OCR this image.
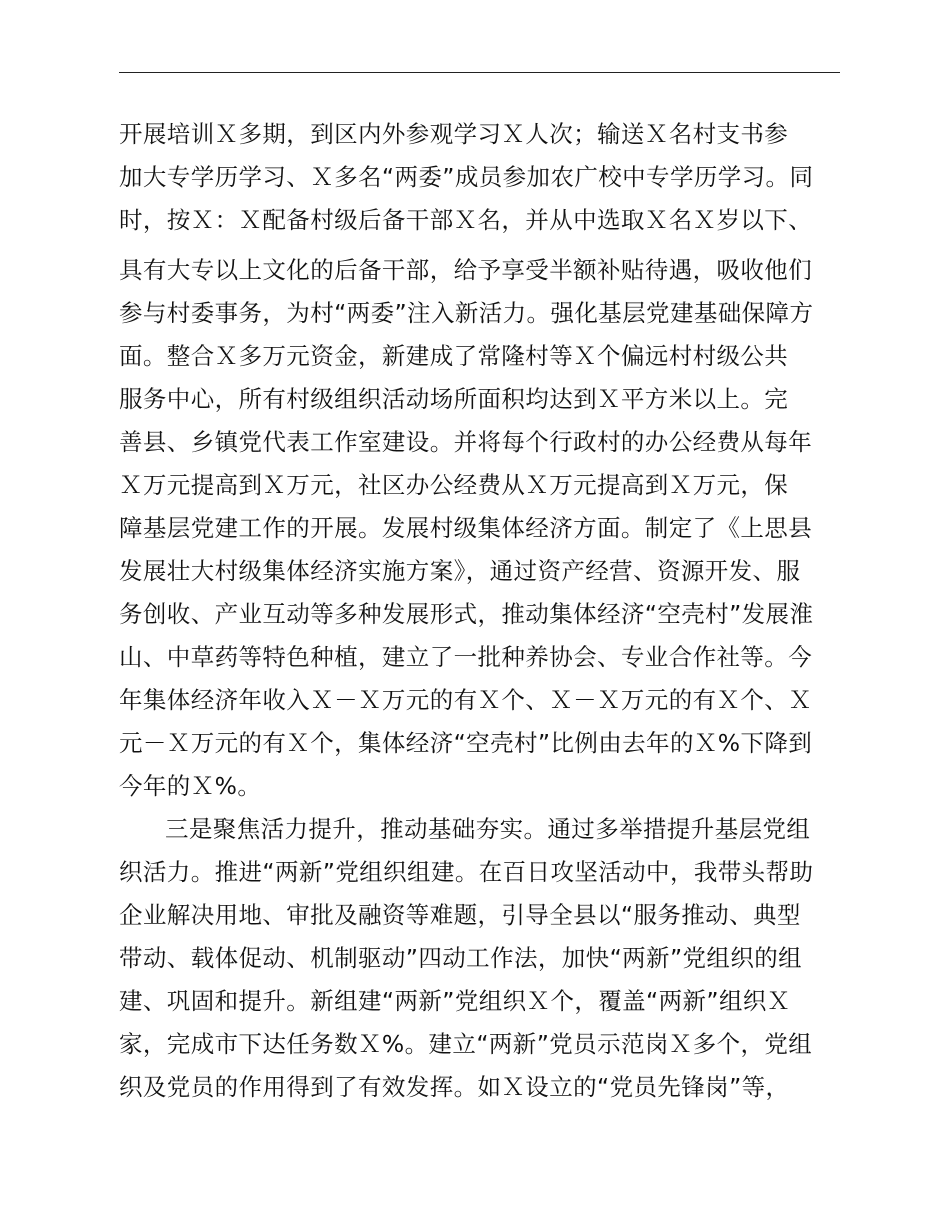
开展培训Ｘ多期，到区内外参观学习Ｘ人次；输送Ｘ名村支书参
加大专学历学习、Ｘ多名“两委”成员参加农广校中专学历学习。同
时，按Ｘ：Ｘ配备村级后备干部Ｘ名，并从中选取Ｘ名Ｘ岁以下、
具有大专以上文化的后备干部，给予享受半额补贴待遇，吸收他们
参与村委事务，为村“两委”注入新活力。强化基层党建基础保障方
面。整合Ｘ多万元资金，新建成了常隆村等Ｘ个偏远村村级公共
服务中心，所有村级组织活动场所面积均达到Ｘ平方米以上。完
善县、乡镇党代表工作室建设。并将每个行政村的办公经费从每年
Ｘ万元提高到Ｘ万元，社区办公经费从Ｘ万元提高到Ｘ万元，保
障基层党建工作的开展。发展村级集体经济方面。制定了《上思县
发展壮大村级集体经济实施方案》，通过资产经营、资源开发、服
务创收、产业互动等多种发展形式，推动集体经济“空壳村”发展淮
山、中草药等特色种植，建立了一批种养协会、专业合作社等。今
年集体经济年收入Ｘ－Ｘ万元的有Ｘ个、Ｘ－Ｘ万元的有Ｘ个、Ｘ
元－Ｘ万元的有Ｘ个，集体经济“空壳村”比例由去年的Ｘ%下降到
今年的Ｘ%。
三是聚焦活力提升，推动基础夯实。通过多举措提升基层党组
织活力。推进“两新”党组织组建。在百日攻坚活动中，我带头帮助
企业解决用地、审批及融资等难题，引导全县以“服务推动、典型
带动、载体促动、机制驱动”四动工作法，加快“两新”党组织的组
建、巩固和提升。新组建“两新”党组织Ｘ个，覆盖“两新”组织Ｘ
家，完成市下达任务数Ｘ%。建立“两新”党员示范岗Ｘ多个，党组
织及党员的作用得到了有效发挥。如Ｘ设立的“党员先锋岗”等，
